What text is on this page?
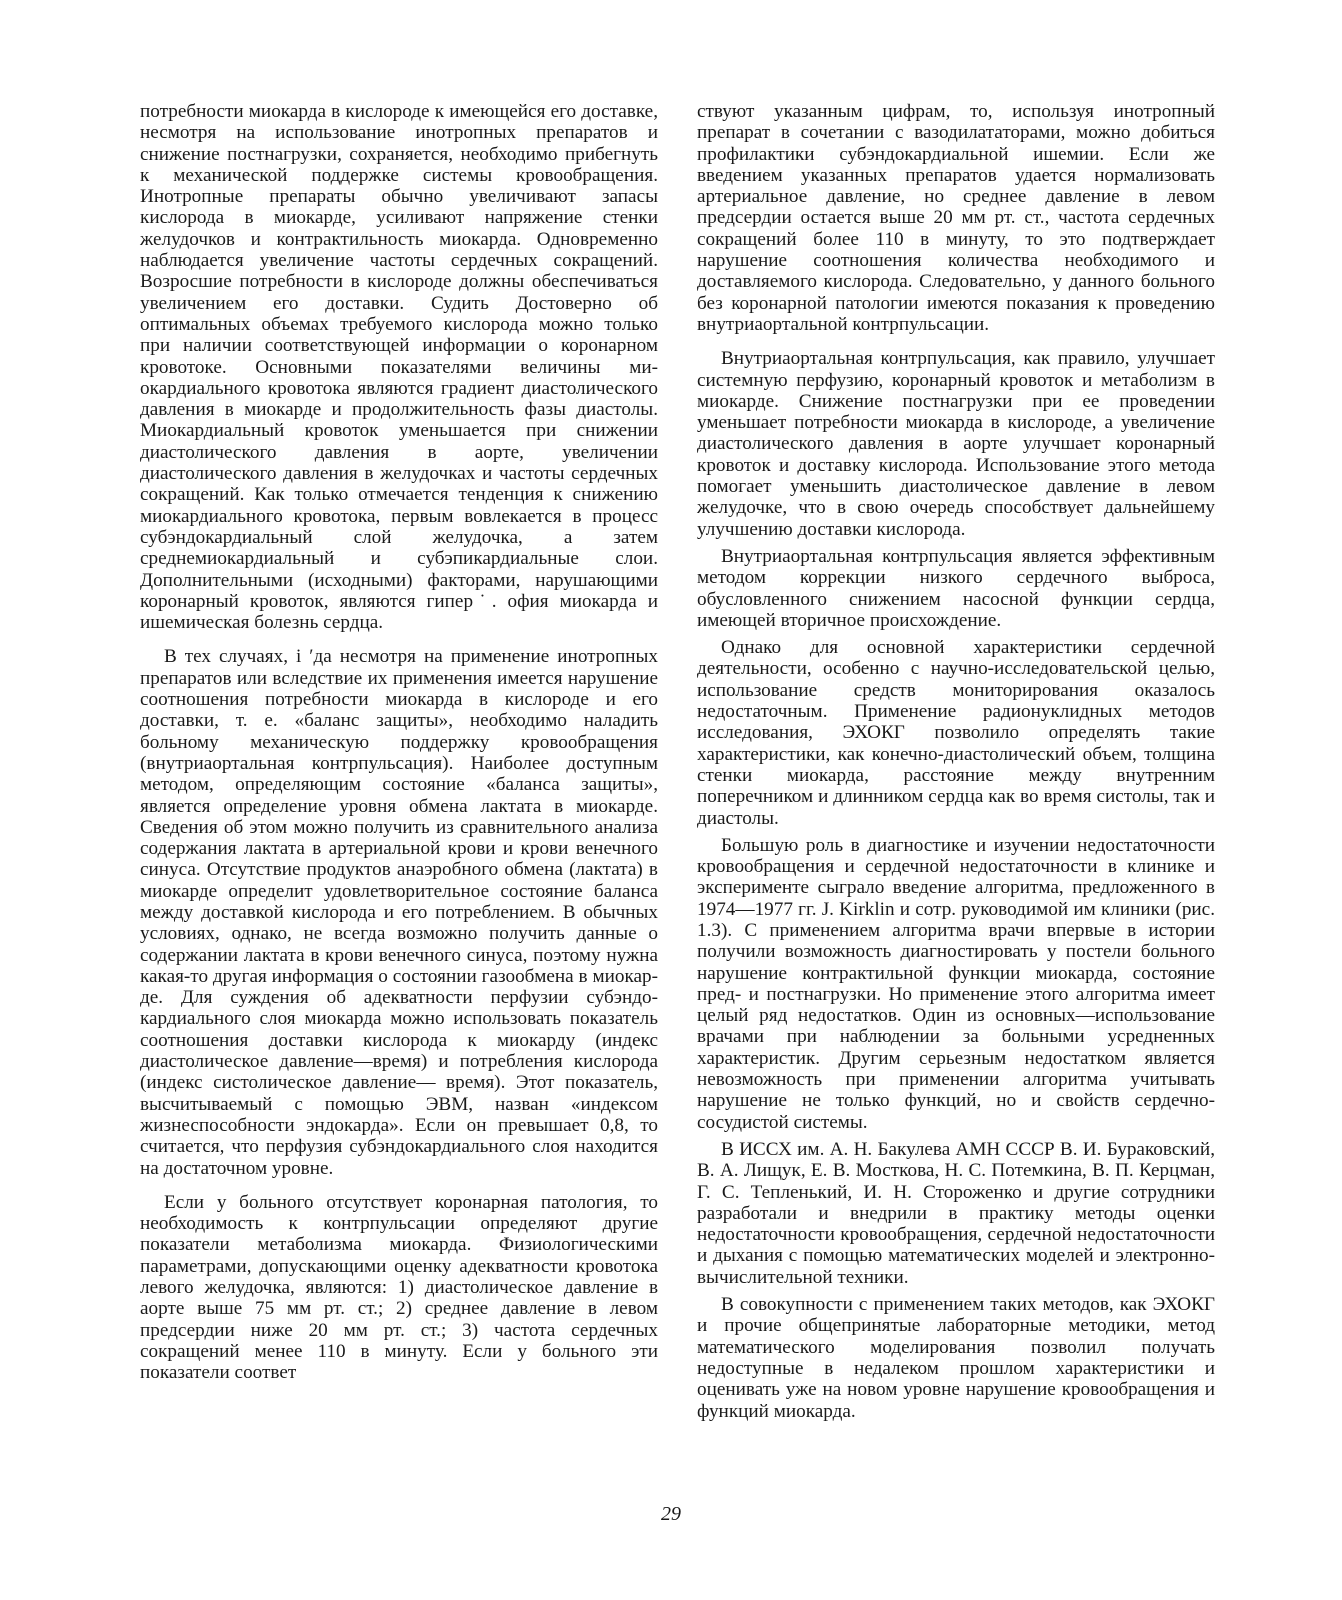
потребности миокарда в кислороде к имеющейся его доставке, несмотря на использование инотропных препаратов и снижение постнагрузки, сохраняется, необходимо прибегнуть к механической поддержке системы кровообращения. Инотропные препараты обычно увеличивают запасы кислорода в миокарде, усиливают напряжение стенки желудочков и контрактильность миокарда. Одновременно наблюдается увеличение частоты сердечных сокращений. Возросшие потребности в кислороде должны обеспечиваться увеличением его доставки. Судить Достоверно об оптимальных объемах требуемого кислорода можно только при наличии соответствующей информации о коронарном кровотоке. Основными показателями величины миокардиального кровотока являются градиент диастолического давления в миокарде и продолжительность фазы диастолы. Миокардиальный кровоток уменьшается при снижении диастолического давления в аорте, увеличении диастолического давления в желудочках и частоты сердечных сокращений. Как только отмечается тенденция к снижению миокардиального кровотока, первым вовлекается в процесс субэндокардиальный слой желудочка, а затем среднемиокардиальный и субэпикардиальные слои. Дополнительными (исходными) факторами, нарушающими коронарный кровоток, являются гипер˙. офия миокарда и ишемическая болезнь сердца.

В тех случаях, i ʹда несмотря на применение инотропных препаратов или вследствие их применения имеется нарушение соотношения потребности миокарда в кислороде и его доставки, т. е. «баланс защиты», необходимо наладить больному механическую поддержку кровообращения (внутриаортальная контрпульсация). Наиболее доступным методом, определяющим состояние «баланса защиты», является определение уровня обмена лактата в миокарде. Сведения об этом можно получить из сравнительного анализа содержания лактата в артериальной крови и крови венечного синуса. Отсутствие продуктов анаэробного обмена (лактата) в миокарде определит удовлетворительное состояние баланса между доставкой кислорода и его потреблением. В обычных условиях, однако, не всегда возможно получить данные о содержании лактата в крови венечного синуса, поэтому нужна какая-то другая информация о состоянии газообмена в миокарде. Для суждения об адекватности перфузии субэндокардиального слоя миокарда можно использовать показатель соотношения доставки кислорода к миокарду (индекс диастолическое давление—время) и потребления кислорода (индекс систолическое давление— время). Этот показатель, высчитываемый с помощью ЭВМ, назван «индексом жизнеспособности эндокарда». Если он превышает 0,8, то считается, что перфузия субэндокардиального слоя находится на достаточном уровне.

Если у больного отсутствует коронарная патология, то необходимость к контрпульсации определяют другие показатели метаболизма миокарда. Физиологическими параметрами, допускающими оценку адекватности кровотока левого желудочка, являются: 1) диастолическое давление в аорте выше 75 мм рт. ст.; 2) среднее давление в левом предсердии ниже 20 мм рт. ст.; 3) частота сердечных сокращений менее 110 в минуту. Если у больного эти показатели соответ

ствуют указанным цифрам, то, используя инотропный препарат в сочетании с вазодилататорами, можно добиться профилактики субэндокардиальной ишемии. Если же введением указанных препаратов удается нормализовать артериальное давление, но среднее давление в левом предсердии остается выше 20 мм рт. ст., частота сердечных сокращений более 110 в минуту, то это подтверждает нарушение соотношения количества необходимого и доставляемого кислорода. Следовательно, у данного больного без коронарной патологии имеются показания к проведению внутриаортальной контрпульсации.

Внутриаортальная контрпульсация, как правило, улучшает системную перфузию, коронарный кровоток и метаболизм в миокарде. Снижение постнагрузки при ее проведении уменьшает потребности миокарда в кислороде, а увеличение диастолического давления в аорте улучшает коронарный кровоток и доставку кислорода. Использование этого метода помогает уменьшить диастолическое давление в левом желудочке, что в свою очередь способствует дальнейшему улучшению доставки кислорода.

Внутриаортальная контрпульсация является эффективным методом коррекции низкого сердечного выброса, обусловленного снижением насосной функции сердца, имеющей вторичное происхождение.

Однако для основной характеристики сердечной деятельности, особенно с научно-исследовательской целью, использование средств мониторирования оказалось недостаточным. Применение радионуклидных методов исследования, ЭХОКГ позволило определять такие характеристики, как конечно-диастолический объем, толщина стенки миокарда, расстояние между внутренним поперечником и длинником сердца как во время систолы, так и диастолы.

Большую роль в диагностике и изучении недостаточности кровообращения и сердечной недостаточности в клинике и эксперименте сыграло введение алгоритма, предложенного в 1974—1977 гг. J. Kirklin и сотр. руководимой им клиники (рис. 1.3). С применением алгоритма врачи впервые в истории получили возможность диагностировать у постели больного нарушение контрактильной функции миокарда, состояние пред- и постнагрузки. Но применение этого алгоритма имеет целый ряд недостатков. Один из основных—использование врачами при наблюдении за больными усредненных характеристик. Другим серьезным недостатком является невозможность при применении алгоритма учитывать нарушение не только функций, но и свойств сердечно-сосудистой системы.

В ИССХ им. А. Н. Бакулева АМН СССР В. И. Бураковский, В. А. Лищук, Е. В. Мосткова, Н. С. Потемкина, В. П. Керцман, Г. С. Тепленький, И. Н. Стороженко и другие сотрудники разработали и внедрили в практику методы оценки недостаточности кровообращения, сердечной недостаточности и дыхания с помощью математических моделей и электронно-вычислительной техники.

В совокупности с применением таких методов, как ЭХОКГ и прочие общепринятые лабораторные методики, метод математического моделирования позволил получать недоступные в недалеком прошлом характеристики и оценивать уже на новом уровне нарушение кровообращения и функций миокарда.

29
